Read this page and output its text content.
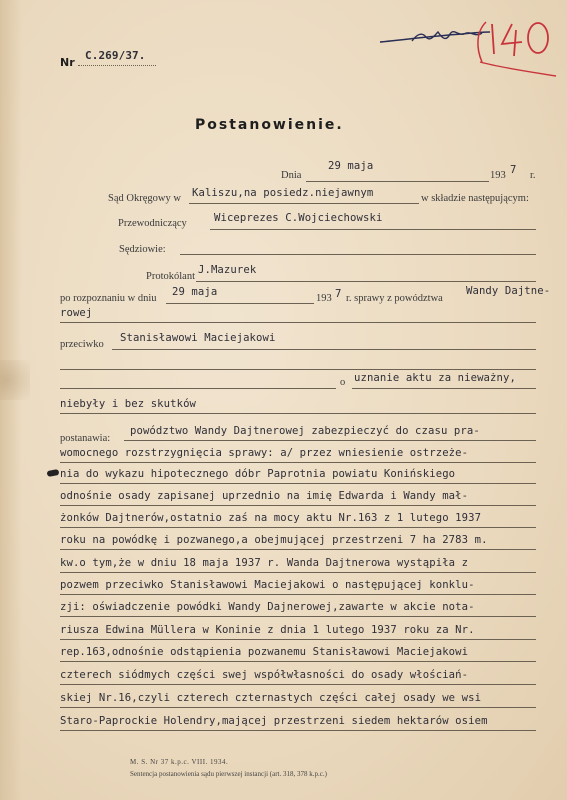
Nr
C.269/37.
Postanowienie.
Dnia
29 maja
193 7 r.
Sąd Okręgowy w Kaliszu,na posiedz.niejawnym	w składzie następującym:
Przewodniczący	Wiceprezes C.Wojciechowski
Sędziowie:
Protokólant
J.Mazurek
po rozpoznaniu w dniu
29 maja
193 7 r. sprawy z powództwa
Wandy Dajtne-
rowej
przeciwko
Stanisławowi Maciejakowi
o uznanie aktu za nieważny,
niebyły i bez skutków
postanawia:
powództwo Wandy Dajtnerowej zabezpieczyć do czasu pra-
womocnego rozstrzygnięcia sprawy: a/ przez wniesienie ostrzeże-
nia do wykazu hipotecznego dóbr Paprotnia powiatu Konińskiego
odnośnie osady zapisanej uprzednio na imię Edwarda i Wandy mał-
żonków Dajtnerów,ostatnio zaś na mocy aktu Nr.163 z 1 lutego 1937
roku na powódkę i pozwanego,a obejmującej przestrzeni 7 ha 2783 m.
kw.o tym,że w dniu 18 maja 1937 r. Wanda Dajtnerowa wystąpiła z
pozwem przeciwko Stanisławowi Maciejakowi o następującej konklu-
zji: oświadczenie powódki Wandy Dajnerowej,zawarte w akcie nota-
riusza Edwina Müllera w Koninie z dnia 1 lutego 1937 roku za Nr.
rep.163,odnośnie odstąpienia pozwanemu Stanisławowi Maciejakowi
czterech siódmych części swej współwłasności do osady włościań-
skiej Nr.16,czyli czterech czternastych części całej osady we wsi
Staro-Paprockie Holendry,mającej przestrzeni siedem hektarów osiem
M. S. Nr 37 k.p.c. VIII. 1934.
Sentencja postanowienia sądu pierwszej instancji (art. 318, 378 k.p.c.)
